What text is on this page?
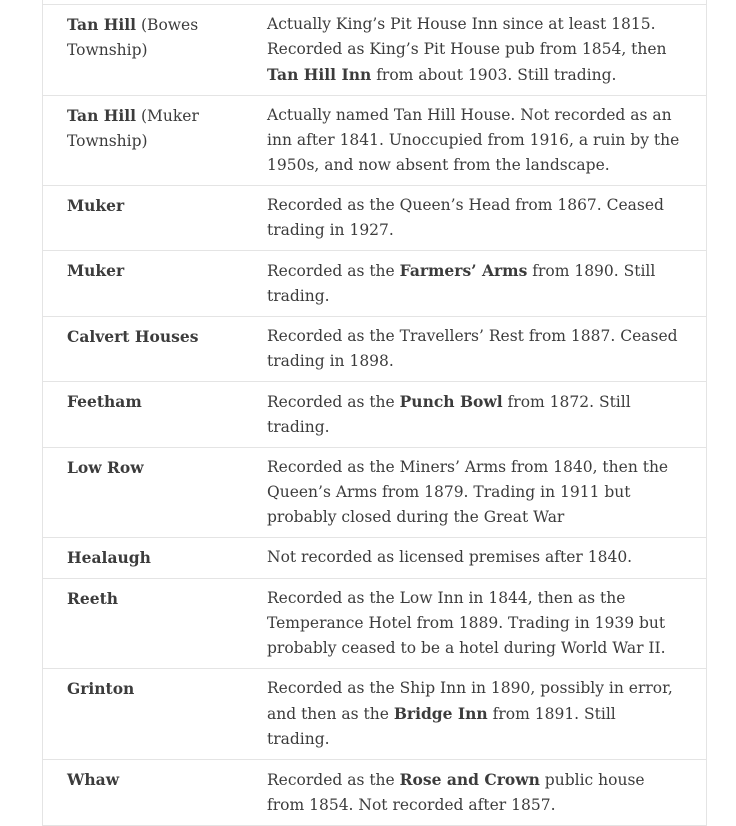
Tan Hill (Bowes Township)	Actually King’s Pit House Inn since at least 1815. Recorded as King’s Pit House pub from 1854, then Tan Hill Inn from about 1903. Still trading.
Tan Hill (Muker Township)	Actually named Tan Hill House. Not recorded as an inn after 1841. Unoccupied from 1916, a ruin by the 1950s, and now absent from the landscape.
Muker	Recorded as the Queen’s Head from 1867. Ceased trading in 1927.
Muker	Recorded as the Farmers’ Arms from 1890. Still trading.
Calvert Houses	Recorded as the Travellers’ Rest from 1887. Ceased trading in 1898.
Feetham	Recorded as the Punch Bowl from 1872. Still trading.
Low Row	Recorded as the Miners’ Arms from 1840, then the Queen’s Arms from 1879. Trading in 1911 but probably closed during the Great War
Healaugh	Not recorded as licensed premises after 1840.
Reeth	Recorded as the Low Inn in 1844, then as the Temperance Hotel from 1889. Trading in 1939 but probably ceased to be a hotel during World War II.
Grinton	Recorded as the Ship Inn in 1890, possibly in error, and then as the Bridge Inn from 1891. Still trading.
Whaw	Recorded as the Rose and Crown public house from 1854. Not recorded after 1857.
